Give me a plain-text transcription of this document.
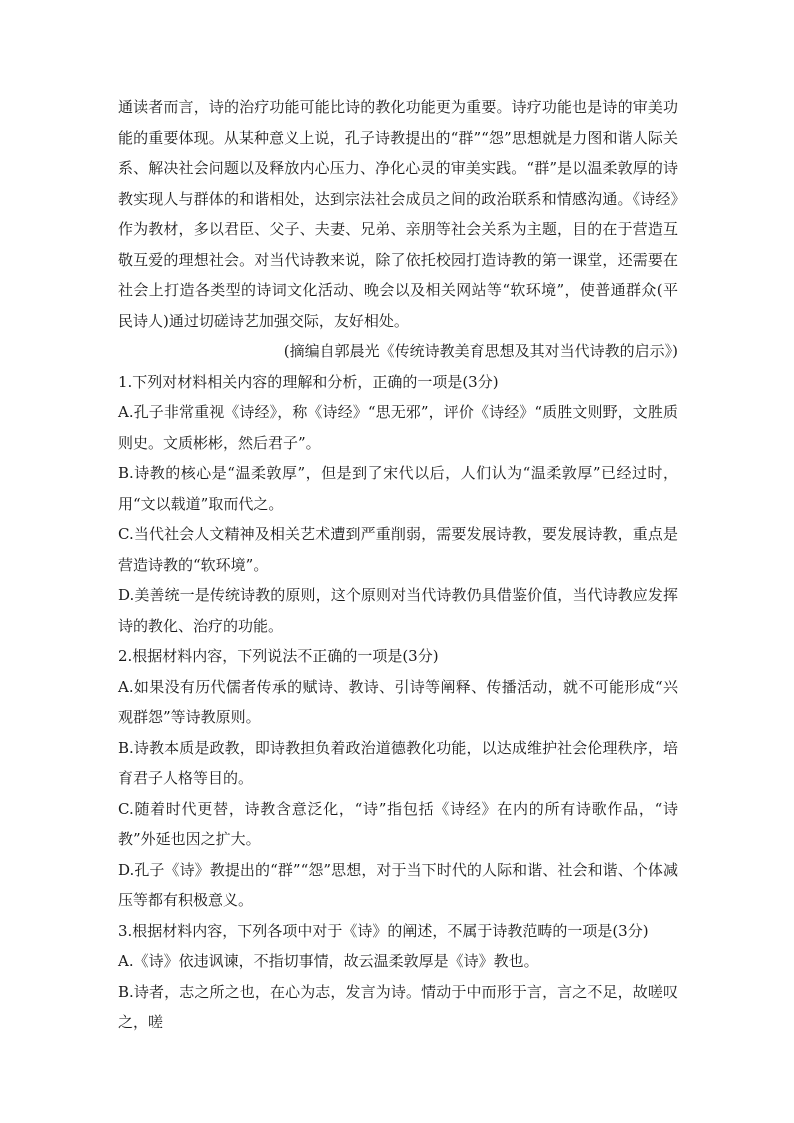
通读者而言，诗的治疗功能可能比诗的教化功能更为重要。诗疗功能也是诗的审美功能的重要体现。从某种意义上说，孔子诗教提出的“群”“怨”思想就是力图和谐人际关系、解决社会问题以及释放内心压力、净化心灵的审美实践。“群”是以温柔敦厚的诗教实现人与群体的和谐相处，达到宗法社会成员之间的政治联系和情感沟通。《诗经》作为教材，多以君臣、父子、夫妻、兄弟、亲朋等社会关系为主题，目的在于营造互敬互爱的理想社会。对当代诗教来说，除了依托校园打造诗教的第一课堂，还需要在社会上打造各类型的诗词文化活动、晚会以及相关网站等“软环境”，使普通群众(平民诗人)通过切磋诗艺加强交际，友好相处。

(摘编自郭晨光《传统诗教美育思想及其对当代诗教的启示》)

1.下列对材料相关内容的理解和分析，正确的一项是(3分)

A.孔子非常重视《诗经》，称《诗经》“思无邪”，评价《诗经》“质胜文则野，文胜质则史。文质彬彬，然后君子”。

B.诗教的核心是“温柔敦厚”，但是到了宋代以后，人们认为“温柔敦厚”已经过时，用“文以载道”取而代之。

C.当代社会人文精神及相关艺术遭到严重削弱，需要发展诗教，要发展诗教，重点是营造诗教的“软环境”。

D.美善统一是传统诗教的原则，这个原则对当代诗教仍具借鉴价值，当代诗教应发挥诗的教化、治疗的功能。

2.根据材料内容，下列说法不正确的一项是(3分)

A.如果没有历代儒者传承的赋诗、教诗、引诗等阐释、传播活动，就不可能形成“兴观群怨”等诗教原则。

B.诗教本质是政教，即诗教担负着政治道德教化功能，以达成维护社会伦理秩序，培育君子人格等目的。

C.随着时代更替，诗教含意泛化，“诗”指包括《诗经》在内的所有诗歌作品，“诗教”外延也因之扩大。

D.孔子《诗》教提出的“群”“怨”思想，对于当下时代的人际和谐、社会和谐、个体减压等都有积极意义。

3.根据材料内容，下列各项中对于《诗》的阐述，不属于诗教范畴的一项是(3分)

A.《诗》依违讽谏，不指切事情，故云温柔敦厚是《诗》教也。

B.诗者，志之所之也，在心为志，发言为诗。情动于中而形于言，言之不足，故嗟叹之，嗟
